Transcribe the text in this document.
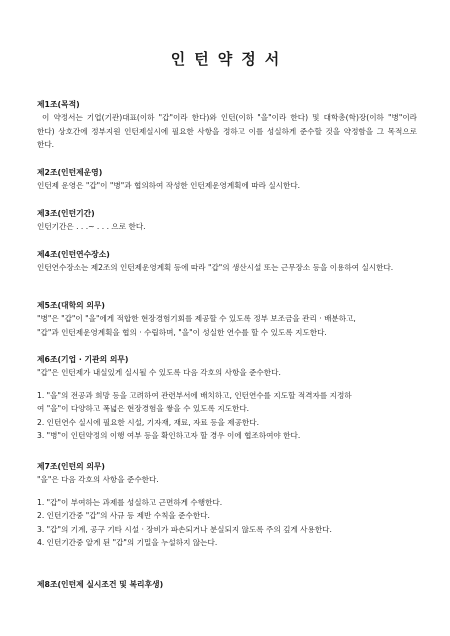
인턴약정서
제1조(목적)

이 약정서는 기업(기관)대표(이하 "갑"이라 한다)와 인턴(이하 "을"이라 한다) 및 대학총(학)장(이하 "병"이라 한다) 상호간에 정부지원 인턴제실시에 필요한 사항을 정하고 이를 성실하게 준수할 것을 약정함을 그 목적으로 한다.

제2조(인턴제운영)

인턴제 운영은 "갑"이 "병"과 협의하여 작성한 인턴제운영계획에 따라 실시한다.

제3조(인턴기간)

인턴기간은 . . .~ . . . 으로 한다.

제4조(인턴연수장소)

인턴연수장소는 제2조의 인턴제운영계획 등에 따라 "갑"의 생산시설 또는 근무장소 등을 이용하여 실시한다.

제5조(대학의 의무)

"병"은 "갑"이 "을"에게 적합한 현장경험기회를 제공할 수 있도록 정부 보조금을 관리 · 배분하고,

"갑"과 인턴제운영계획을 협의 · 수립하며, "을"이 성실한 연수를 할 수 있도록 지도한다.

제6조(기업 · 기관의 의무)

"갑"은 인턴제가 내실있게 실시될 수 있도록 다음 각호의 사항을 준수한다.

1. "을"의 전공과 희망 등을 고려하여 관련부서에 배치하고, 인턴연수를 지도할 적격자를 지정하
여 "을"이 다양하고 폭넓은 현장경험을 쌓을 수 있도록 지도한다.
2. 인턴연수 실시에 필요한 시설, 기자재, 재료, 자료 등을 제공한다.
3. "병"이 인턴약정의 이행 여부 등을 확인하고자 할 경우 이에 협조하여야 한다.
제7조(인턴의 의무)

"을"은 다음 각호의 사항을 준수한다.

1. "갑"이 부여하는 과제를 성실하고 근면하게 수행한다.
2. 인턴기간중 "갑"의 사규 등 제반 수칙을 준수한다.
3. "갑"의 기계, 공구 기타 시설 · 장비가 파손되거나 분실되지 않도록 주의 깊게 사용한다.
4. 인턴기간중 알게 된 "갑"의 기밀을 누설하지 않는다.
제8조(인턴제 실시조건 및 복리후생)
